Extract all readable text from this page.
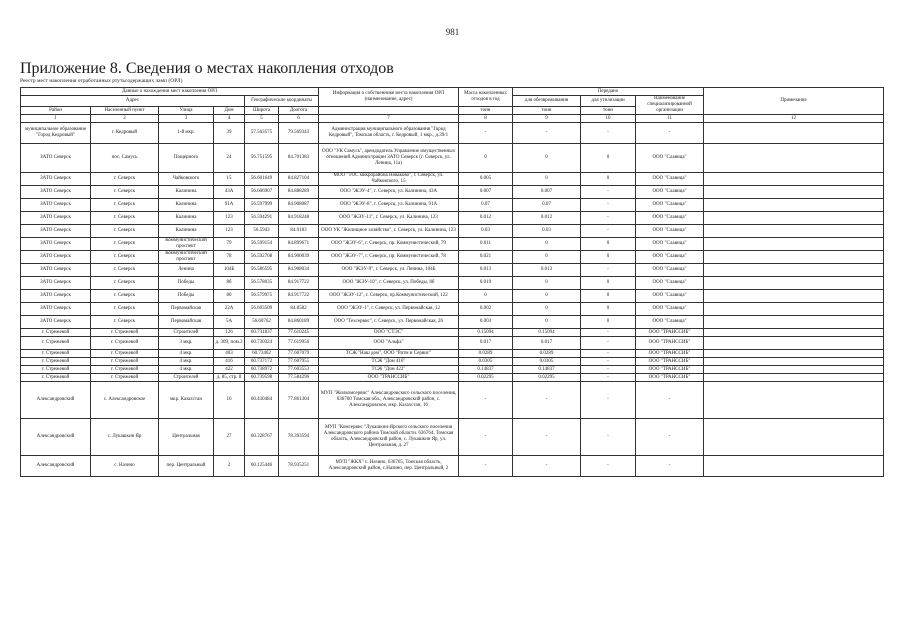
981
Приложение 8. Сведения о местах накопления отходов
Реестр мест накопления отработанных ртутьсодержащих ламп (ОРЛ)
Данные о нахождении мест накопления ОРЛ						Информация о собственнике места накопления ОРЛ (наименование, адрес)	Масса накопленных отходов в год	Передано			Примечание
Адрес				Географические координаты				для обезвреживания	для утилизации	Наименование специализированной организации	

Район	Населенный пункт	Улица	Дом	Широта	Долгота		тонн	тонн	тонн		
1	2	3	4	5	6	7	8	9	10	11	12
муниципальное образование "Город Кедровый"	г. Кедровый	1-й мкр.	39	57.563575	79.569343	Администрация муниципального образования "Город Кедровый", Томская область, г. Кедровый, 1 мкр., д.39/1	-	-	-	-	
ЗАТО Северск	пос. Самусь	Пощерного	24	56.751595	84.701383	ООО "УК Самусь", арендодатель Управление имущественных отношений Администрации ЗАТО Северск (г. Северск, ул. Ленина, 11а)	0	0	0	ООО "Славица"	
ЗАТО Северск	г. Северск	Чайковского	15	56.601649	84.827104	МОО "ТОС микрорайона Новаково", г. Северск, ул. Чайковского, 15	0.005	0	0	ООО "Славица"	
ЗАТО Северск	г. Северск	Калинина	43А	56.606907	84.888289	ООО "ЖЭУ-4", г. Северск, ул. Калинина, 43А	0.007	0.007	-	ООО "Славица"	
ЗАТО Северск	г. Северск	Калинина	91А	56.597999	84.908087	ООО "ЖЭУ-8", г. Северск, ул. Калинина, 91А	0.07	0.07	-	ООО "Славица"	
ЗАТО Северск	г. Северск	Калинина	123	56.594291	84.918248	ООО "ЖЭУ-11", г. Северск, ул. Калинина, 123	0.012	0.012	-	ООО "Славица"	
ЗАТО Северск	г. Северск	Калинина	123	56.5943	84.9183	ООО УК "Жилищное хозяйство", г. Северск, ул. Калинина, 123	0.03	0.03	-	ООО "Славица"	
ЗАТО Северск	г. Северск	Коммунистический проспект	79	56.599154	84.899671	ООО "ЖЭУ-6", г. Северск, пр. Коммунистический, 79	0.011	0	0	ООО "Славица"	
ЗАТО Северск	г. Северск	Коммунистический проспект	78	56.592708	84.900039	ООО "ЖЭУ-7", г. Северск, пр. Коммунистический, 78	0.021	0	0	ООО "Славица"	
ЗАТО Северск	г. Северск	Ленина	104Б	56.586595	84.908034	ООО "ЖЭУ-9", г. Северск, ул. Ленина, 104Б	0.013	0.013	-	ООО "Славица"	
ЗАТО Северск	г. Северск	Победы	8б	56.578035	84.917722	ООО "ЖЭУ-10", г. Северск, ул. Победы, 8б	0.019	0	0	ООО "Славица"	
ЗАТО Северск	г. Северск	Победы	80	56.579975	84.917722	ООО "ЖЭУ-12", г. Северск, пр.Коммунистический, 122	0	0	0	ООО "Славица"	
ЗАТО Северск	г. Северск	Первомайская	22А	56.603509	84.8582	ООО "ЖЭУ-1", г. Северск, ул. Первомайская, 12	0.002	0	0	ООО "Славица"	
ЗАТО Северск	г. Северск	Первомайская	5А	56.60762	84.860189	ООО "Техсервис", г. Северск, ул. Первомайская, 26	0.003	0	0	ООО "Славица"	
г. Стрежевой	г. Стрежевой	Строителей	126	60.731837	77.610245	ООО "СТЭС"	0.15094	0.15094	-	ООО "ТРАНССИБ"	
г. Стрежевой	г. Стрежевой	3 мкр.	д. 309, пом.3	60.730324	77.619956	ООО "Альфа"	0.017	0.017	-	ООО "ТРАНССИБ"	
г. Стрежевой	г. Стрежевой	4 мкр.	403	60.73462	77.607079	ТСЖ "Наш дом", ООО "Ритм и Сервис"	0.0289	0.0289	-	ООО "ТРАНССИБ"	
г. Стрежевой	г. Стрежевой	4 мкр.	416	60.737172	77.607955	ТСЖ "Дом 416"	0.0305	0.0305	-	ООО "ТРАНССИБ"	
г. Стрежевой	г. Стрежевой	4 мкр.	422	60.738972	77.603553	ТСЖ "Дом 422"	0.14837	0.14837	-	ООО "ТРАНССИБ"	
г. Стрежевой	г. Стрежевой	Строителей	д. 85, стр. 8	60.739598	77.584296	ООО "ТРАНССИБ"	0.02295	0.02295	-	ООО "ТРАНССИБ"	
Александровский	с. Александровское	мкр. Казахстан	16	60.430484	77.861304	МУП "Жилкомсервис" Александровского сельского поселения, 636760 Томская обл., Александровский район, с. Александровское, мкр. Казахстан, 16	-	-	-	-	
Александровский	с. Лукашкин Яр	Центральная	27	60.328767	78.393594	МУП "Комсервис "Лукашкин-Ярского сельского поселения Александровского района Томской области. 636764, Томская область, Александровский район, с. Лукашкин Яр, ул. Центральная, д. 27	-	-	-	-	
Александровский	с. Назино	пер. Центральный	2	60.125446	78.935251	МУП "ЖКХ" с. Назино, 636765, Томская область, Александровский район, с.Назино, пер. Центральный, 2	-	-	-	-	
